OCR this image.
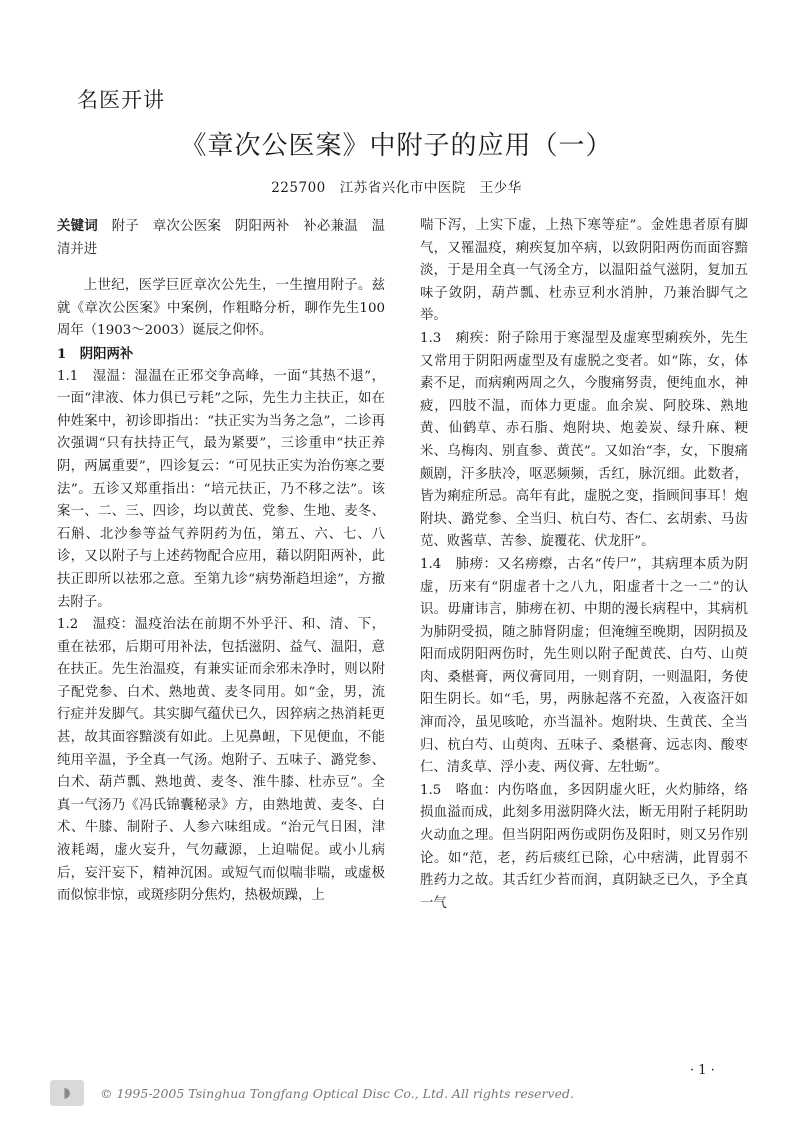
名医开讲
《章次公医案》中附子的应用（一）
225700　江苏省兴化市中医院　王少华

关键词　 附子　章次公医案　阴阳两补　补必兼温　温清并进

上世纪，医学巨匠章次公先生，一生擅用附子。兹就《章次公医案》中案例，作粗略分析，聊作先生100周年（1903～2003）诞辰之仰怀。

1　阴阳两补

1.1　湿温：湿温在正邪交争高峰，一面“其热不退”，一面“津液、体力俱已亏耗”之际，先生力主扶正，如在仲姓案中，初诊即指出：“扶正实为当务之急”，二诊再次强调“只有扶持正气，最为紧要”，三诊重申“扶正养阴，两属重要”，四诊复云：“可见扶正实为治伤寒之要法”。五诊又郑重指出：“培元扶正，乃不移之法”。该案一、二、三、四诊，均以黄芪、党参、生地、麦冬、石斛、北沙参等益气养阴药为伍，第五、六、七、八诊，又以附子与上述药物配合应用，藉以阴阳两补，此扶正即所以祛邪之意。至第九诊“病势渐趋坦途”，方撤去附子。

1.2　温疫：温疫治法在前期不外乎汗、和、清、下，重在祛邪，后期可用补法，包括滋阴、益气、温阳，意在扶正。先生治温疫，有兼实证而余邪未净时，则以附子配党参、白术、熟地黄、麦冬同用。如“金，男，流行症并发脚气。其实脚气蕴伏已久，因猝病之热消耗更甚，故其面容黯淡有如此。上见鼻衄，下见便血，不能纯用辛温，予全真一气汤。炮附子、五味子、潞党参、白术、葫芦瓢、熟地黄、麦冬、淮牛膝、杜赤豆”。全真一气汤乃《冯氏锦囊秘录》方，由熟地黄、麦冬、白术、牛膝、制附子、人参六味组成。“治元气日困，津液耗竭，虚火妄升，气勿藏源，上迫喘促。或小儿病后，妄汗妄下，精神沉困。或短气而似喘非喘，或虚极而似惊非惊，或斑疹阴分焦灼，热极烦躁，上

喘下泻，上实下虚，上热下寒等症”。金姓患者原有脚气，又罹温疫，痢疾复加卒病，以致阴阳两伤而面容黯淡，于是用全真一气汤全方，以温阳益气滋阴，复加五味子敛阴，葫芦瓢、杜赤豆利水消肿，乃兼治脚气之举。

1.3　痢疾：附子除用于寒湿型及虚寒型痢疾外，先生又常用于阴阳两虚型及有虚脱之变者。如“陈，女，体素不足，而病痢两周之久，今腹痛努责，便纯血水，神疲，四肢不温，而体力更虚。血余炭、阿胶珠、熟地黄、仙鹤草、赤石脂、炮附块、炮姜炭、绿升麻、粳米、乌梅肉、别直参、黄芪”。又如治“李，女，下腹痛颇剧，汗多肤冷，呕恶频频，舌红，脉沉细。此数者，皆为痢症所忌。高年有此，虚脱之变，指顾间事耳！炮附块、潞党参、全当归、杭白芍、杏仁、玄胡索、马齿苋、败酱草、苦参、旋覆花、伏龙肝”。

1.4　肺痨：又名痨瘵，古名“传尸”，其病理本质为阴虚，历来有“阴虚者十之八九，阳虚者十之一二”的认识。毋庸讳言，肺痨在初、中期的漫长病程中，其病机为肺阴受损，随之肺肾阴虚；但淹缠至晚期，因阴损及阳而成阴阳两伤时，先生则以附子配黄芪、白芍、山萸肉、桑椹膏，两仪膏同用，一则育阴，一则温阳，务使阳生阴长。如“毛，男，两脉起落不充盈，入夜盗汗如渖而冷，虽见咳呛，亦当温补。炮附块、生黄芪、全当归、杭白芍、山萸肉、五味子、桑椹膏、远志肉、酸枣仁、清炙草、浮小麦、两仪膏、左牡蛎”。

1.5　咯血：内伤咯血，多因阴虚火旺，火灼肺络，络损血溢而成，此刻多用滋阴降火法，断无用附子耗阴助火动血之理。但当阴阳两伤或阴伤及阳时，则又另作别论。如“范，老，药后痰红已除，心中痞满，此胃弱不胜药力之故。其舌红少苔而润，真阴缺乏已久，予全真一气

· 1 ·
◗	© 1995-2005 Tsinghua Tongfang Optical Disc Co., Ltd. All rights reserved.
